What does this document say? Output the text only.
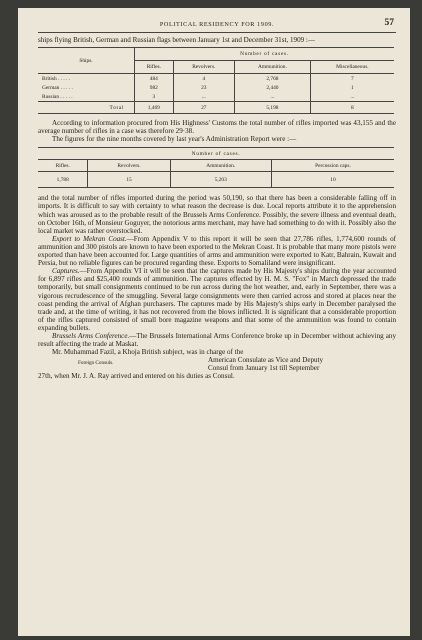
POLITICAL RESIDENCY FOR 1909.	57

ships flying British, German and Russian flags between January 1st and December 31st, 1909 :—

Ships.	Number of cases.			
	Rifles.	Revolvers.	Ammunition.	Miscellaneous.
British . . . . .	484	4	2,768	7
German . . . . .	982	23	2,440	1
Russian . . . . .	3	...	...	...
Total	1,469	27	5,198	8

According to information procured from His Highness' Customs the total number of rifles imported was 43,155 and the average number of rifles in a case was therefore 29·38.

The figures for the nine months covered by last year's Administration Report were :—

Number of cases.			
Rifles.	Revolvers.	Ammunition.	Percussion caps.
1,788	15	5,203	10

and the total number of rifles imported during the period was 50,190, so that there has been a considerable falling off in imports. It is difficult to say with certainty to what reason the decrease is due. Local reports attribute it to the apprehension which was aroused as to the probable result of the Brussels Arms Conference. Possibly, the severe illness and eventual death, on October 16th, of Monsieur Goguyer, the notorious arms merchant, may have had something to do with it. Possibly also the local market was rather overstocked.

Export to Mekran Coast.—From Appendix V to this report it will be seen that 27,786 rifles, 1,774,600 rounds of ammunition and 300 pistols are known to have been exported to the Mekran Coast. It is probable that many more pistols were exported than have been accounted for. Large quantities of arms and ammunition were exported to Katr, Bahrain, Kuwait and Persia, but no reliable figures can be procured regarding these. Exports to Somaliland were insignificant.

Captures.—From Appendix VI it will be seen that the captures made by His Majesty's ships during the year accounted for 6,897 rifles and $25,400 rounds of ammunition. The captures effected by H. M. S. "Fox" in March depressed the trade temporarily, but small consignments continued to be run across during the hot weather, and, early in September, there was a vigorous recrudescence of the smuggling. Several large consignments were then carried across and stored at places near the coast pending the arrival of Afghan purchasers. The captures made by His Majesty's ships early in December paralysed the trade and, at the time of writing, it has not recovered from the blows inflicted. It is significant that a considerable proportion of the rifles captured consisted of small bore magazine weapons and that some of the ammunition was found to contain expanding bullets.

Brussels Arms Conference.—The Brussels International Arms Conference broke up in December without achieving any result affecting the trade at Maskat.

Foreign Consuls.

Mr. Muhammad Fazil, a Khoja British subject, was in charge of the

American Consulate as Vice and Deputy

Consul from January 1st till September

27th, when Mr. J. A. Ray arrived and entered on his duties as Consul.
